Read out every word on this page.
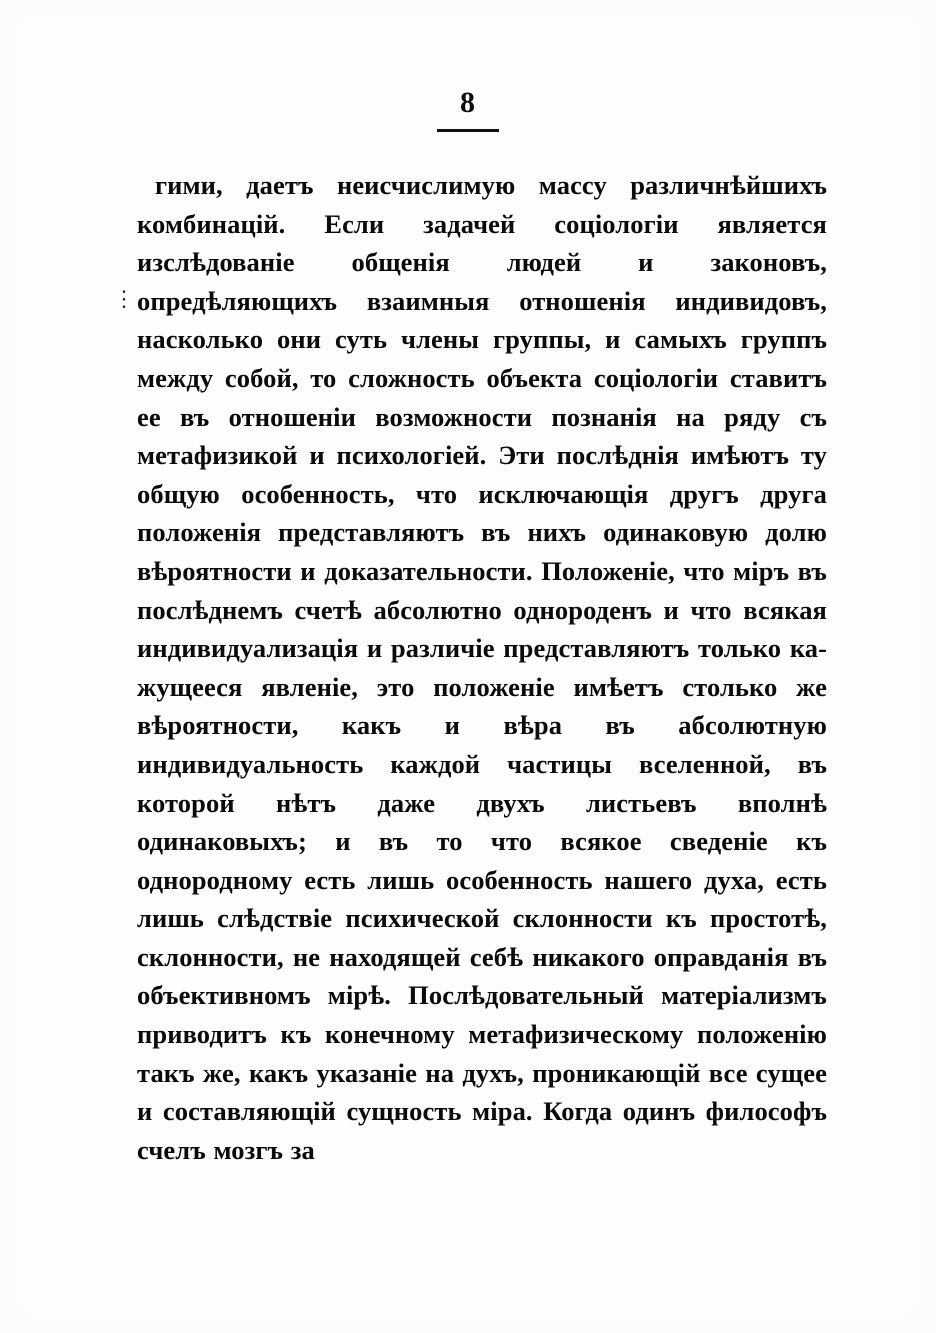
8
⋮

гими, даетъ неисчислимую массу различнѣйшихъ комбинацій. Если задачей соціологіи является изслѣдованіе общенія людей и законовъ, опредѣляющихъ взаимныя отношенія индивидовъ, насколько они суть члены группы, и самыхъ группъ между собой, то сложность объекта соціологіи ставитъ ее въ отношеніи возможности познанія на ряду съ метафизикой и психологіей. Эти послѣднія имѣютъ ту общую особенность, что исключающія другъ друга положенія представляютъ въ нихъ одинаковую долю вѣроятности и доказательности. Положеніе, что міръ въ послѣднемъ счетѣ абсолютно однороденъ и что всякая индивидуализація и различіе представляютъ только кажущееся явленіе, это положеніе имѣетъ столько же вѣроятности, какъ и вѣра въ абсолютную индивидуальность каждой частицы вселенной, въ которой нѣтъ даже двухъ листьевъ вполнѣ одинаковыхъ; и въ то что всякое сведеніе къ однородному есть лишь особенность нашего духа, есть лишь слѣдствіе психической склонности къ простотѣ, склонности, не находящей себѣ никакого оправданія въ объективномъ мірѣ. Послѣдовательный матеріализмъ приводитъ къ конечному метафизическому положенію такъ же, какъ указаніе на духъ, проникающій все сущее и составляющій сущность міра. Когда одинъ философъ счелъ мозгъ за
